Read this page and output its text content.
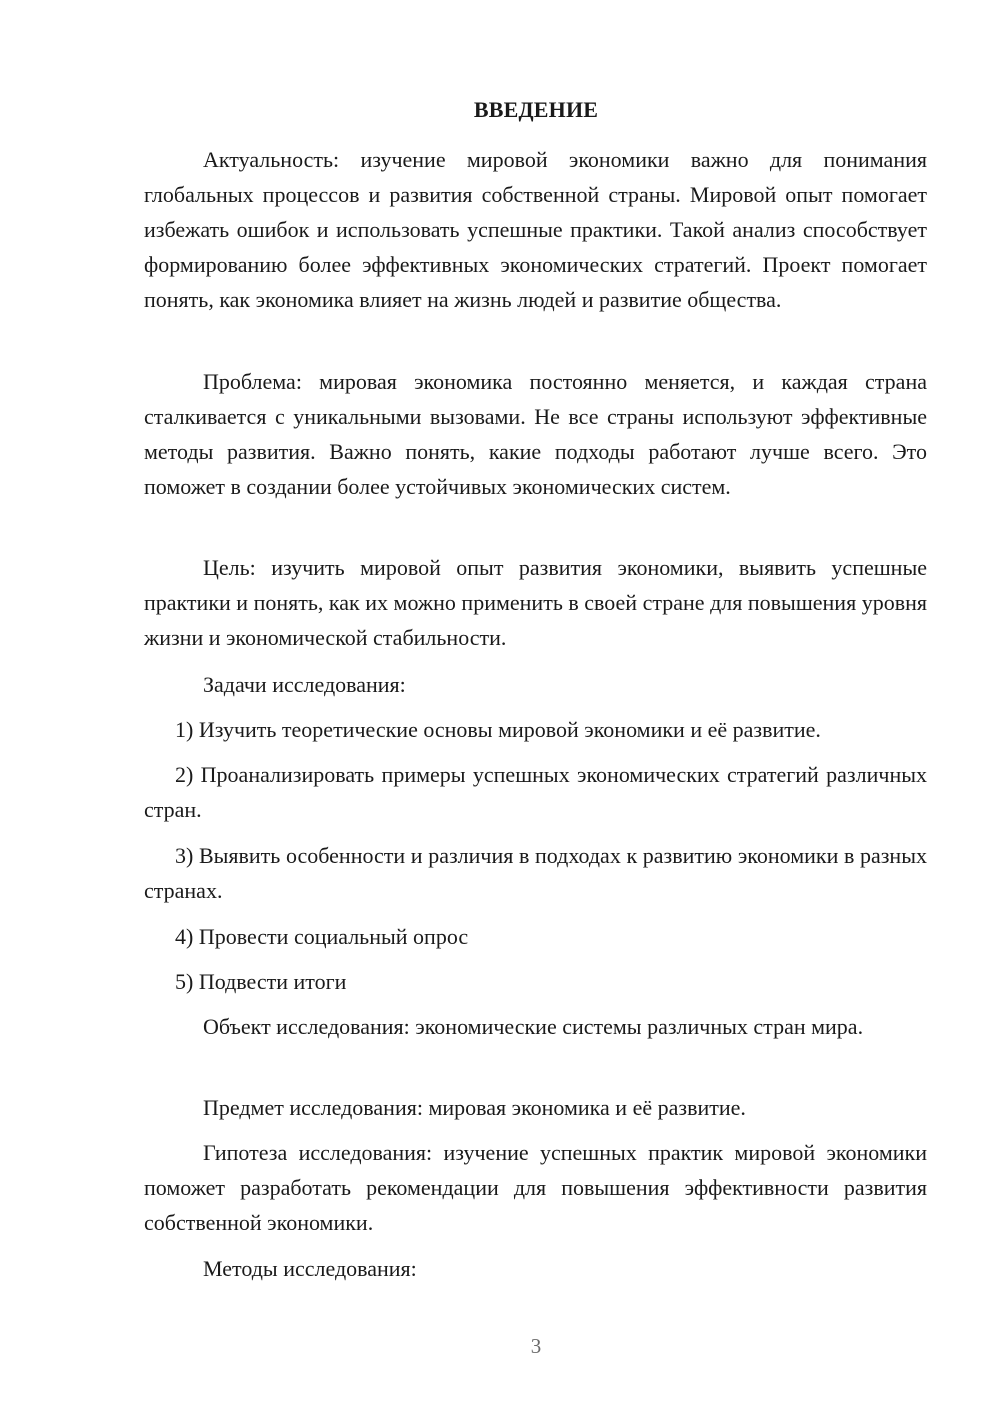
ВВЕДЕНИЕ

Актуальность: изучение мировой экономики важно для понимания глобальных процессов и развития собственной страны. Мировой опыт помогает избежать ошибок и использовать успешные практики. Такой анализ способствует формированию более эффективных экономических стратегий. Проект помогает понять, как экономика влияет на жизнь людей и развитие общества.

Проблема: мировая экономика постоянно меняется, и каждая страна сталкивается с уникальными вызовами. Не все страны используют эффективные методы развития. Важно понять, какие подходы работают лучше всего. Это поможет в создании более устойчивых экономических систем.

Цель: изучить мировой опыт развития экономики, выявить успешные практики и понять, как их можно применить в своей стране для повышения уровня жизни и экономической стабильности.

Задачи исследования:

1) Изучить теоретические основы мировой экономики и её развитие.

2) Проанализировать примеры успешных экономических стратегий различных стран.

3) Выявить особенности и различия в подходах к развитию экономики в разных странах.

4) Провести социальный опрос

5) Подвести итоги

Объект исследования: экономические системы различных стран мира.

Предмет исследования: мировая экономика и её развитие.

Гипотеза исследования: изучение успешных практик мировой экономики поможет разработать рекомендации для повышения эффективности развития собственной экономики.

Методы исследования:

3
